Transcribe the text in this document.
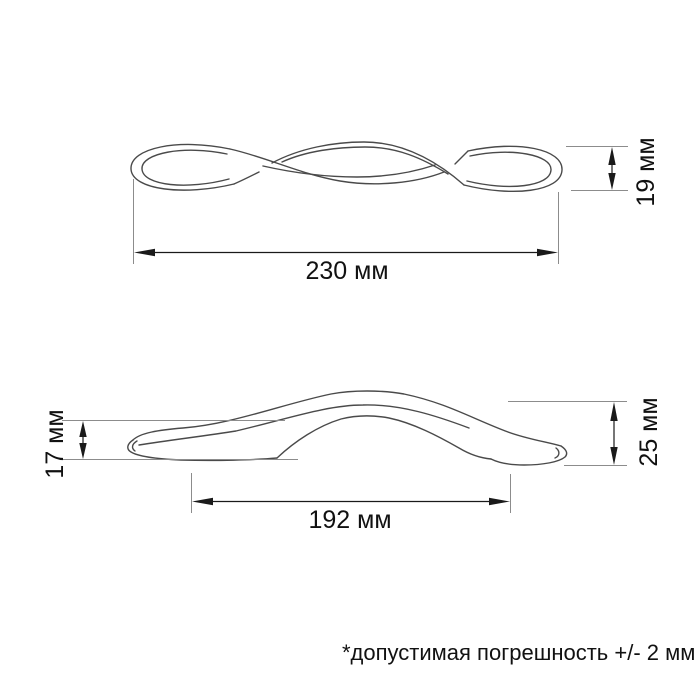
230 мм
19 мм
17 мм	25 мм
192 мм
*допустимая погрешность +/- 2 мм
